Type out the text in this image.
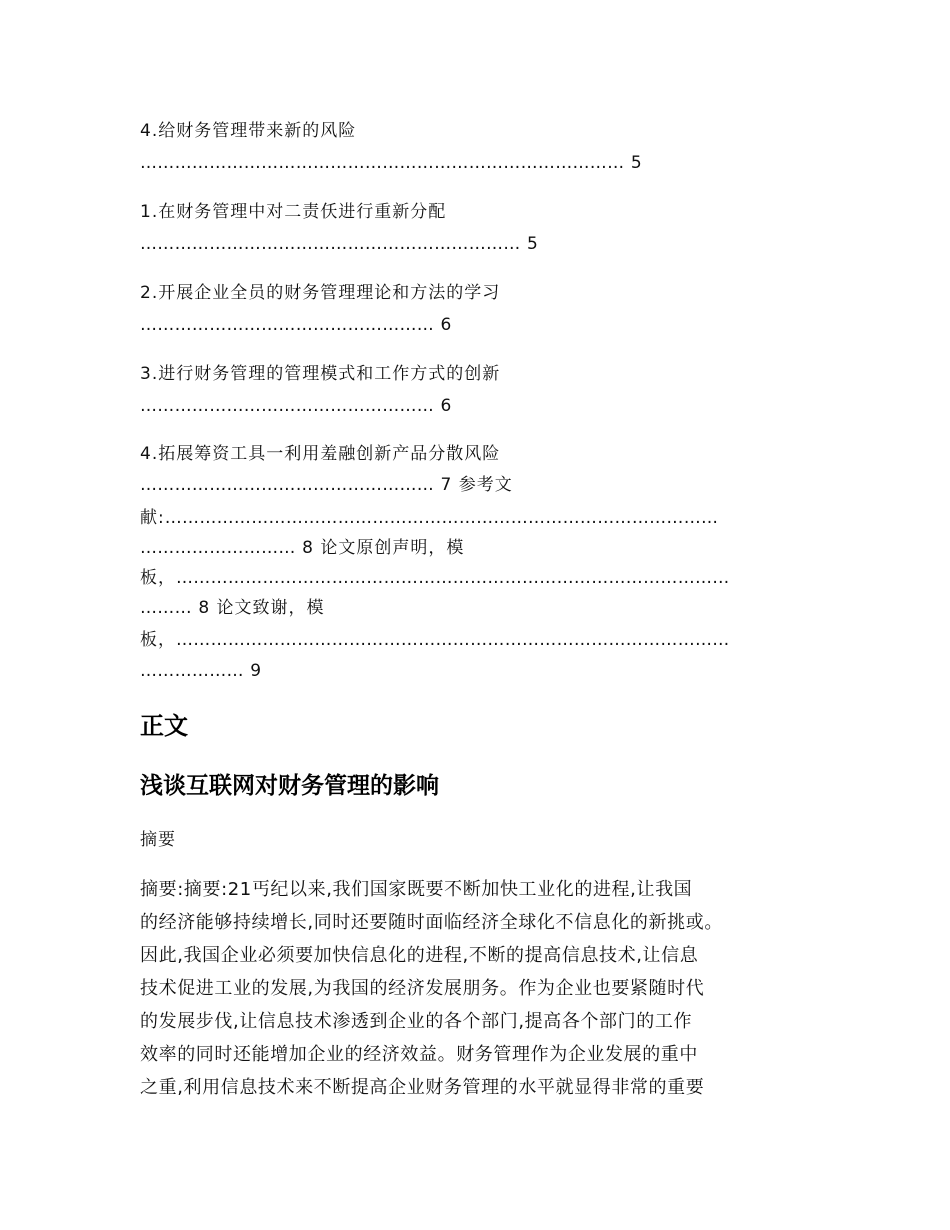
4.给财务管理带来新的风险
………………………………………………………………………… 5
1.在财务管理中对二责仸进行重新分配
………………………………………………………… 5
2.开展企业全员的财务管理理论和方法的学习
…………………………………………… 6
3.进行财务管理的管理模式和工作方式的创新
…………………………………………… 6
4.拓展筹资工具一利用羞融创新产品分散风险
…………………………………………… 7 参考文
献:……………………………………………………………………………………
……………………… 8 论文原创声明，模
板，……………………………………………………………………………………
……… 8 论文致谢，模
板，……………………………………………………………………………………
……………… 9
正文
浅谈互联网对财务管理的影响
摘要
摘要:摘要:21丐纪以来,我们国家既要不断加快工业化的进程,让我国
的经济能够持续增长,同时还要随时面临经济全球化不信息化的新挑或。
因此,我国企业必须要加快信息化的进程,不断的提高信息技术,让信息
技术促进工业的发展,为我国的经济发展朋务。作为企业也要紧随时代
的发展步伐,让信息技术渗透到企业的各个部门,提高各个部门的工作
效率的同时还能增加企业的经济效益。财务管理作为企业发展的重中
之重,利用信息技术来不断提高企业财务管理的水平就显得非常的重要
